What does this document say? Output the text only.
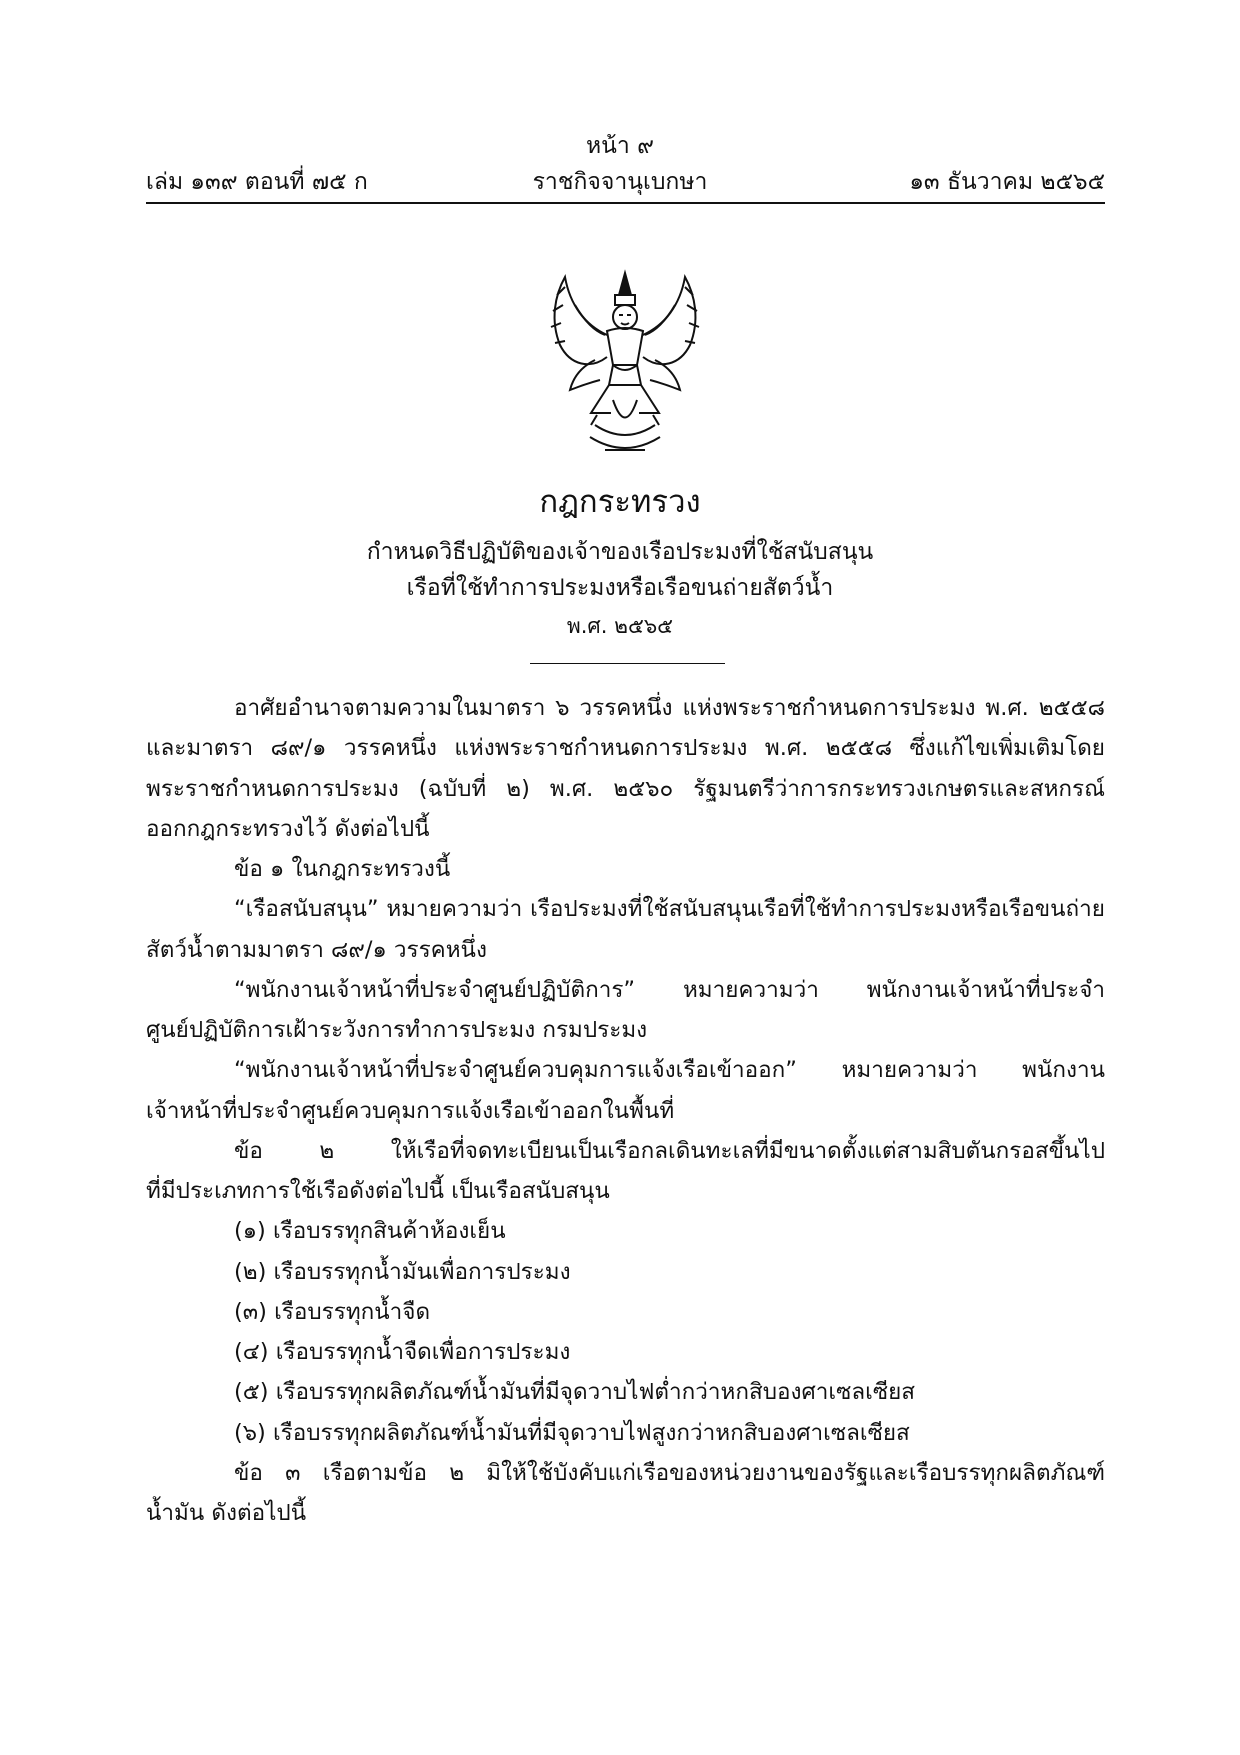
หน้า ๙
เล่ม ๑๓๙ ตอนที่ ๗๕ ก	ราชกิจจานุเบกษา	๑๓ ธันวาคม ๒๕๖๕
กฎกระทรวง
กำหนดวิธีปฏิบัติของเจ้าของเรือประมงที่ใช้สนับสนุน
เรือที่ใช้ทำการประมงหรือเรือขนถ่ายสัตว์น้ำ
พ.ศ. ๒๕๖๕
อาศัยอำนาจตามความในมาตรา ๖ วรรคหนึ่ง แห่งพระราชกำหนดการประมง พ.ศ. ๒๕๕๘
และมาตรา ๘๙/๑ วรรคหนึ่ง แห่งพระราชกำหนดการประมง พ.ศ. ๒๕๕๘ ซึ่งแก้ไขเพิ่มเติมโดย
พระราชกำหนดการประมง (ฉบับที่ ๒) พ.ศ. ๒๕๖๐ รัฐมนตรีว่าการกระทรวงเกษตรและสหกรณ์
ออกกฎกระทรวงไว้ ดังต่อไปนี้
ข้อ ๑ ในกฎกระทรวงนี้
“เรือสนับสนุน” หมายความว่า เรือประมงที่ใช้สนับสนุนเรือที่ใช้ทำการประมงหรือเรือขนถ่าย
สัตว์น้ำตามมาตรา ๘๙/๑ วรรคหนึ่ง
“พนักงานเจ้าหน้าที่ประจำศูนย์ปฏิบัติการ” หมายความว่า พนักงานเจ้าหน้าที่ประจำ
ศูนย์ปฏิบัติการเฝ้าระวังการทำการประมง กรมประมง
“พนักงานเจ้าหน้าที่ประจำศูนย์ควบคุมการแจ้งเรือเข้าออก” หมายความว่า พนักงาน
เจ้าหน้าที่ประจำศูนย์ควบคุมการแจ้งเรือเข้าออกในพื้นที่
ข้อ ๒ ให้เรือที่จดทะเบียนเป็นเรือกลเดินทะเลที่มีขนาดตั้งแต่สามสิบตันกรอสขึ้นไป
ที่มีประเภทการใช้เรือดังต่อไปนี้ เป็นเรือสนับสนุน
(๑) เรือบรรทุกสินค้าห้องเย็น
(๒) เรือบรรทุกน้ำมันเพื่อการประมง
(๓) เรือบรรทุกน้ำจืด
(๔) เรือบรรทุกน้ำจืดเพื่อการประมง
(๕) เรือบรรทุกผลิตภัณฑ์น้ำมันที่มีจุดวาบไฟต่ำกว่าหกสิบองศาเซลเซียส
(๖) เรือบรรทุกผลิตภัณฑ์น้ำมันที่มีจุดวาบไฟสูงกว่าหกสิบองศาเซลเซียส
ข้อ ๓ เรือตามข้อ ๒ มิให้ใช้บังคับแก่เรือของหน่วยงานของรัฐและเรือบรรทุกผลิตภัณฑ์
น้ำมัน ดังต่อไปนี้
